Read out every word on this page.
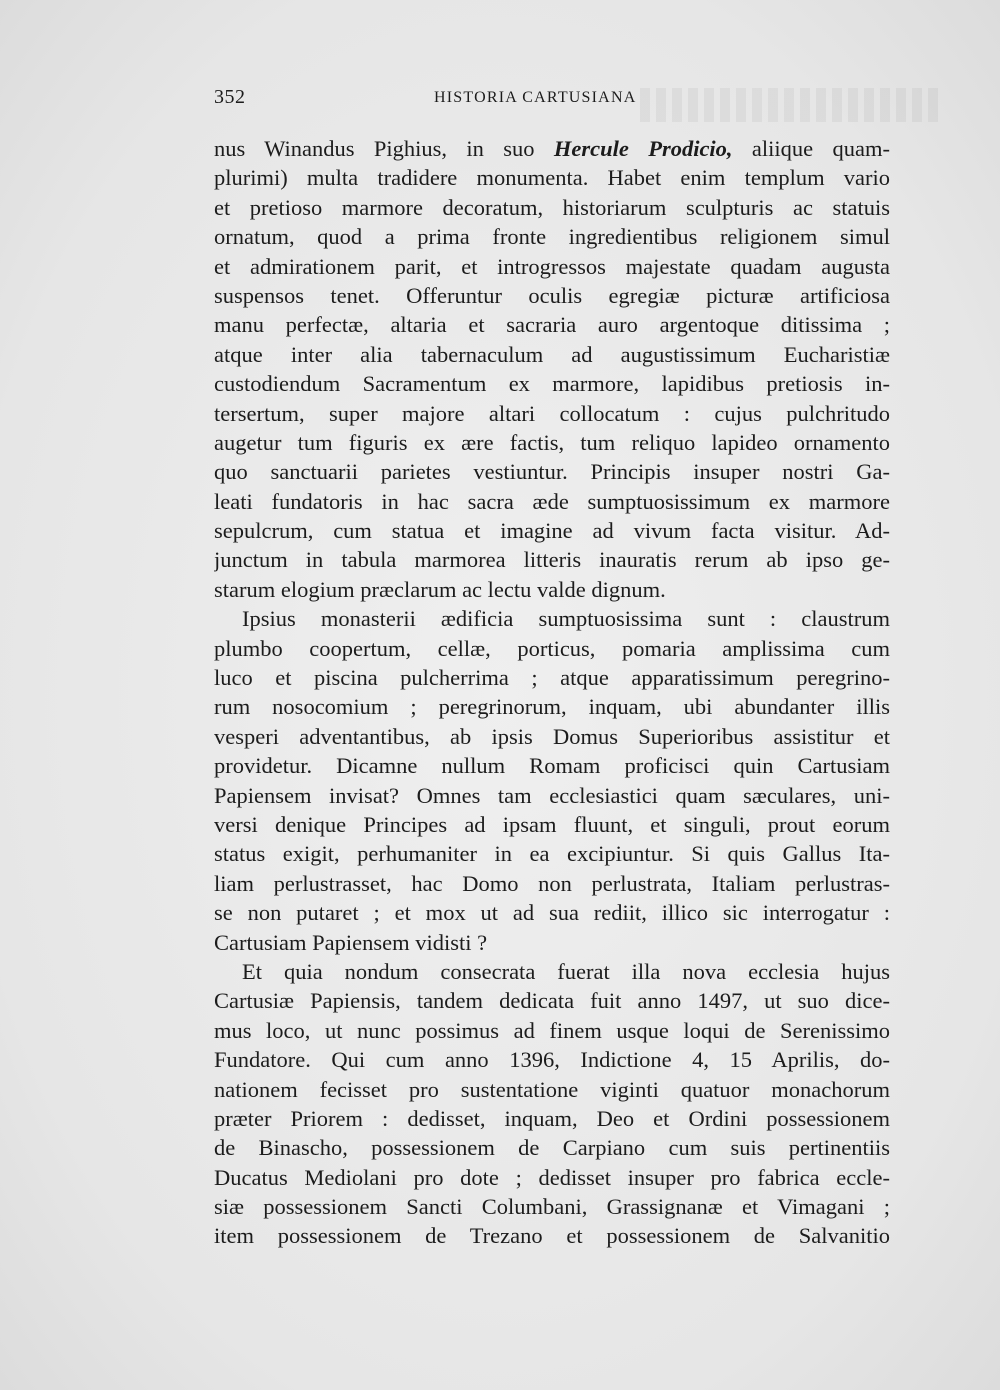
352	HISTORIA CARTUSIANA
nus Winandus Pighius, in suo Hercule Prodicio, aliique quam-
plurimi) multa tradidere monumenta. Habet enim templum vario
et pretioso marmore decoratum, historiarum sculpturis ac statuis
ornatum, quod a prima fronte ingredientibus religionem simul
et admirationem parit, et introgressos majestate quadam augusta
suspensos tenet. Offeruntur oculis egregiæ picturæ artificiosa
manu perfectæ, altaria et sacraria auro argentoque ditissima ;
atque inter alia tabernaculum ad augustissimum Eucharistiæ
custodiendum Sacramentum ex marmore, lapidibus pretiosis in-
tersertum, super majore altari collocatum : cujus pulchritudo
augetur tum figuris ex ære factis, tum reliquo lapideo ornamento
quo sanctuarii parietes vestiuntur. Principis insuper nostri Ga-
leati fundatoris in hac sacra æde sumptuosissimum ex marmore
sepulcrum, cum statua et imagine ad vivum facta visitur. Ad-
junctum in tabula marmorea litteris inauratis rerum ab ipso ge-
starum elogium præclarum ac lectu valde dignum.
Ipsius monasterii ædificia sumptuosissima sunt : claustrum
plumbo coopertum, cellæ, porticus, pomaria amplissima cum
luco et piscina pulcherrima ; atque apparatissimum peregrino-
rum nosocomium ; peregrinorum, inquam, ubi abundanter illis
vesperi adventantibus, ab ipsis Domus Superioribus assistitur et
providetur. Dicamne nullum Romam proficisci quin Cartusiam
Papiensem invisat? Omnes tam ecclesiastici quam sæculares, uni-
versi denique Principes ad ipsam fluunt, et singuli, prout eorum
status exigit, perhumaniter in ea excipiuntur. Si quis Gallus Ita-
liam perlustrasset, hac Domo non perlustrata, Italiam perlustras-
se non putaret ; et mox ut ad sua rediit, illico sic interrogatur :
Cartusiam Papiensem vidisti ?
Et quia nondum consecrata fuerat illa nova ecclesia hujus
Cartusiæ Papiensis, tandem dedicata fuit anno 1497, ut suo dice-
mus loco, ut nunc possimus ad finem usque loqui de Serenissimo
Fundatore. Qui cum anno 1396, Indictione 4, 15 Aprilis, do-
nationem fecisset pro sustentatione viginti quatuor monachorum
præter Priorem : dedisset, inquam, Deo et Ordini possessionem
de Binascho, possessionem de Carpiano cum suis pertinentiis
Ducatus Mediolani pro dote ; dedisset insuper pro fabrica eccle-
siæ possessionem Sancti Columbani, Grassignanæ et Vimagani ;
item possessionem de Trezano et possessionem de Salvanitio
